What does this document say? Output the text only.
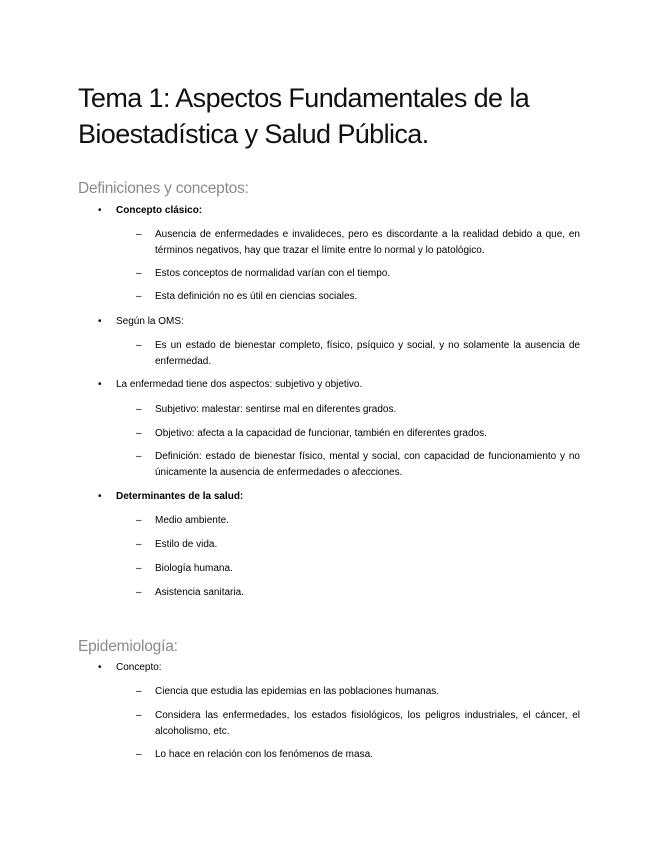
Tema 1: Aspectos Fundamentales de la Bioestadística y Salud Pública.
Definiciones y conceptos:
• Concepto clásico:
– Ausencia de enfermedades e invalideces, pero es discordante a la realidad debido a que, en términos negativos, hay que trazar el límite entre lo normal y lo patológico.
– Estos conceptos de normalidad varían con el tiempo.
– Esta definición no es útil en ciencias sociales.
• Según la OMS:
– Es un estado de bienestar completo, físico, psíquico y social, y no solamente la ausencia de enfermedad.
• La enfermedad tiene dos aspectos: subjetivo y objetivo.
– Subjetivo: malestar: sentirse mal en diferentes grados.
– Objetivo: afecta a la capacidad de funcionar, también en diferentes grados.
– Definición: estado de bienestar físico, mental y social, con capacidad de funcionamiento y no únicamente la ausencia de enfermedades o afecciones.
• Determinantes de la salud:
– Medio ambiente.
– Estilo de vida.
– Biología humana.
– Asistencia sanitaria.
Epidemiología:
• Concepto:
– Ciencia que estudia las epidemias en las poblaciones humanas.
– Considera las enfermedades, los estados fisiológicos, los peligros industriales, el cáncer, el alcoholismo, etc.
– Lo hace en relación con los fenómenos de masa.
